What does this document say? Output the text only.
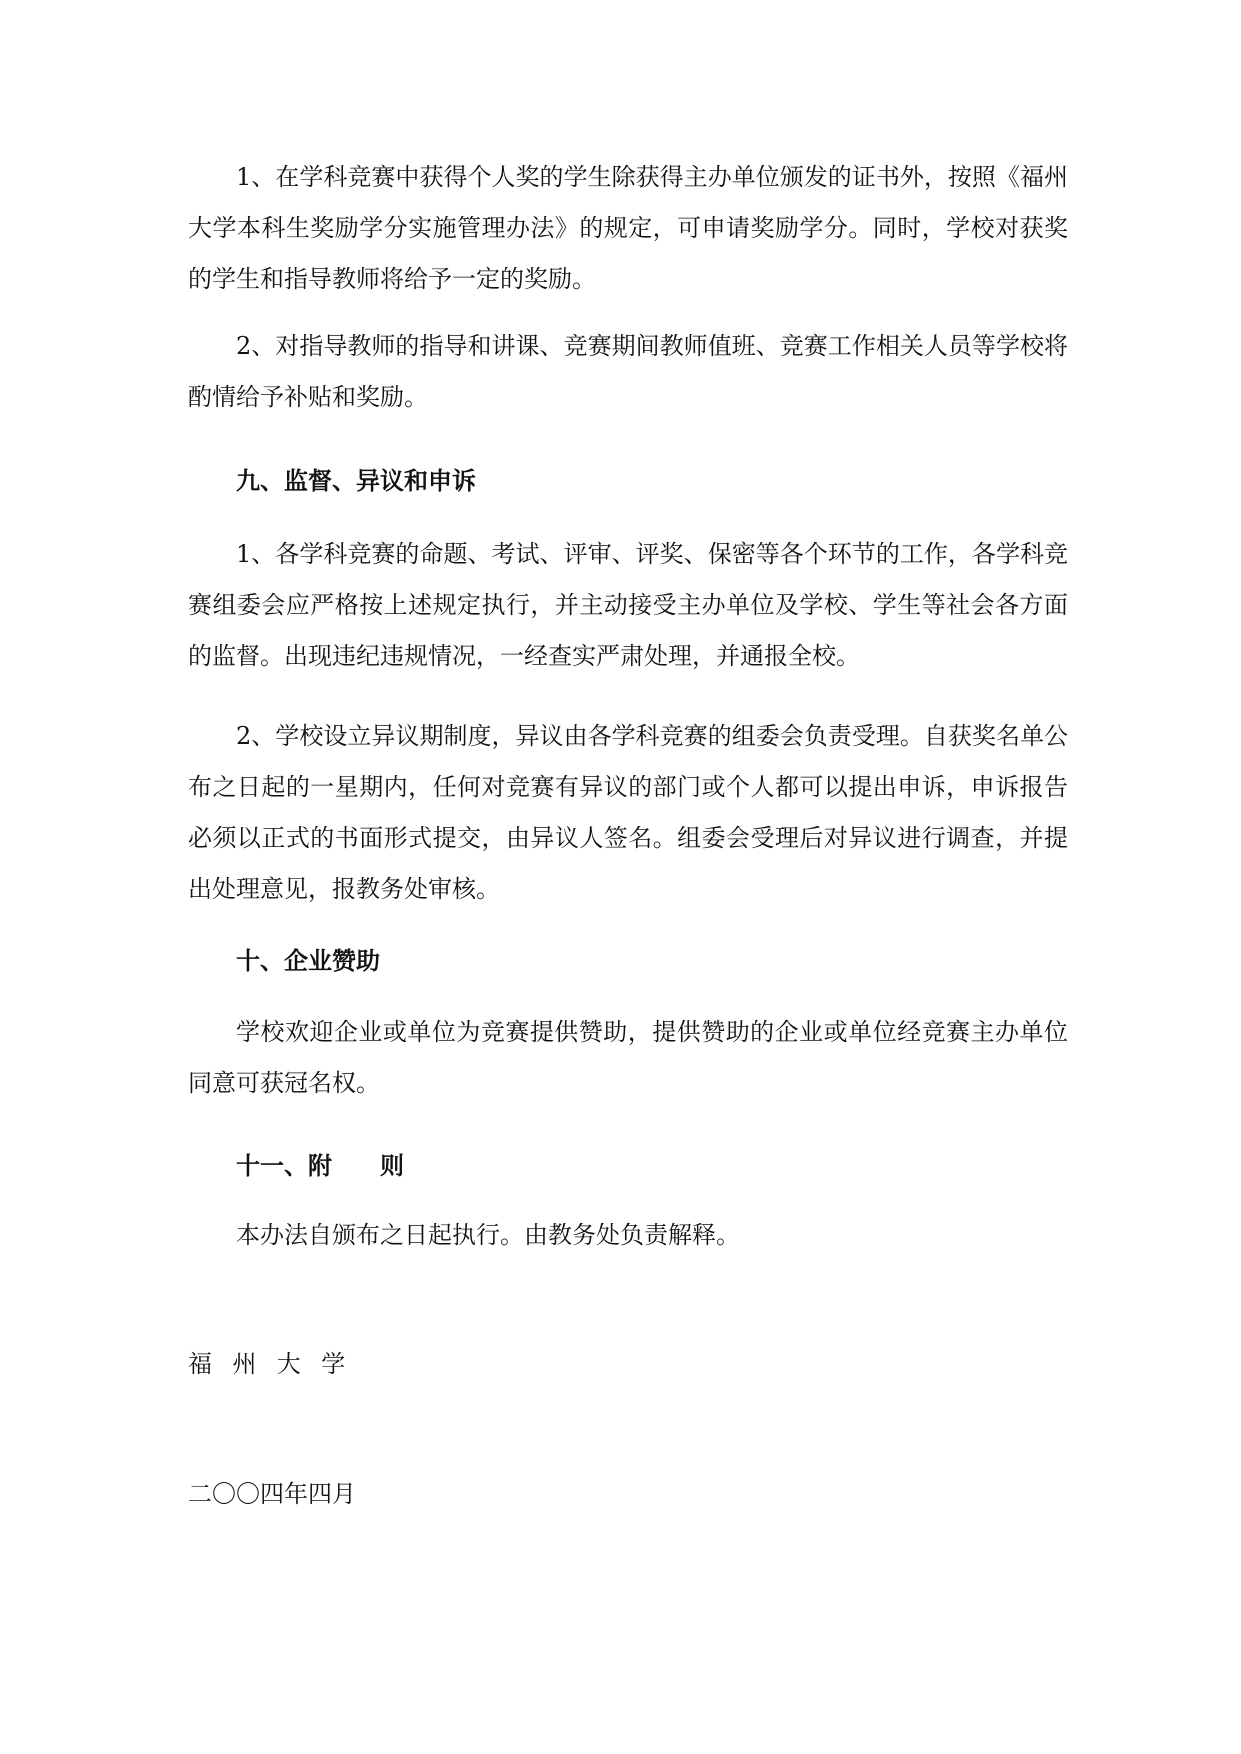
1、在学科竞赛中获得个人奖的学生除获得主办单位颁发的证书外，按照《福州大学本科生奖励学分实施管理办法》的规定，可申请奖励学分。同时，学校对获奖的学生和指导教师将给予一定的奖励。

2、对指导教师的指导和讲课、竞赛期间教师值班、竞赛工作相关人员等学校将酌情给予补贴和奖励。

九、监督、异议和申诉

1、各学科竞赛的命题、考试、评审、评奖、保密等各个环节的工作，各学科竞赛组委会应严格按上述规定执行，并主动接受主办单位及学校、学生等社会各方面的监督。出现违纪违规情况，一经查实严肃处理，并通报全校。

2、学校设立异议期制度，异议由各学科竞赛的组委会负责受理。自获奖名单公布之日起的一星期内，任何对竞赛有异议的部门或个人都可以提出申诉，申诉报告必须以正式的书面形式提交，由异议人签名。组委会受理后对异议进行调查，并提出处理意见，报教务处审核。

十、企业赞助

学校欢迎企业或单位为竞赛提供赞助，提供赞助的企业或单位经竞赛主办单位同意可获冠名权。

十一、附　　则

本办法自颁布之日起执行。由教务处负责解释。

福州大学

二〇〇四年四月
